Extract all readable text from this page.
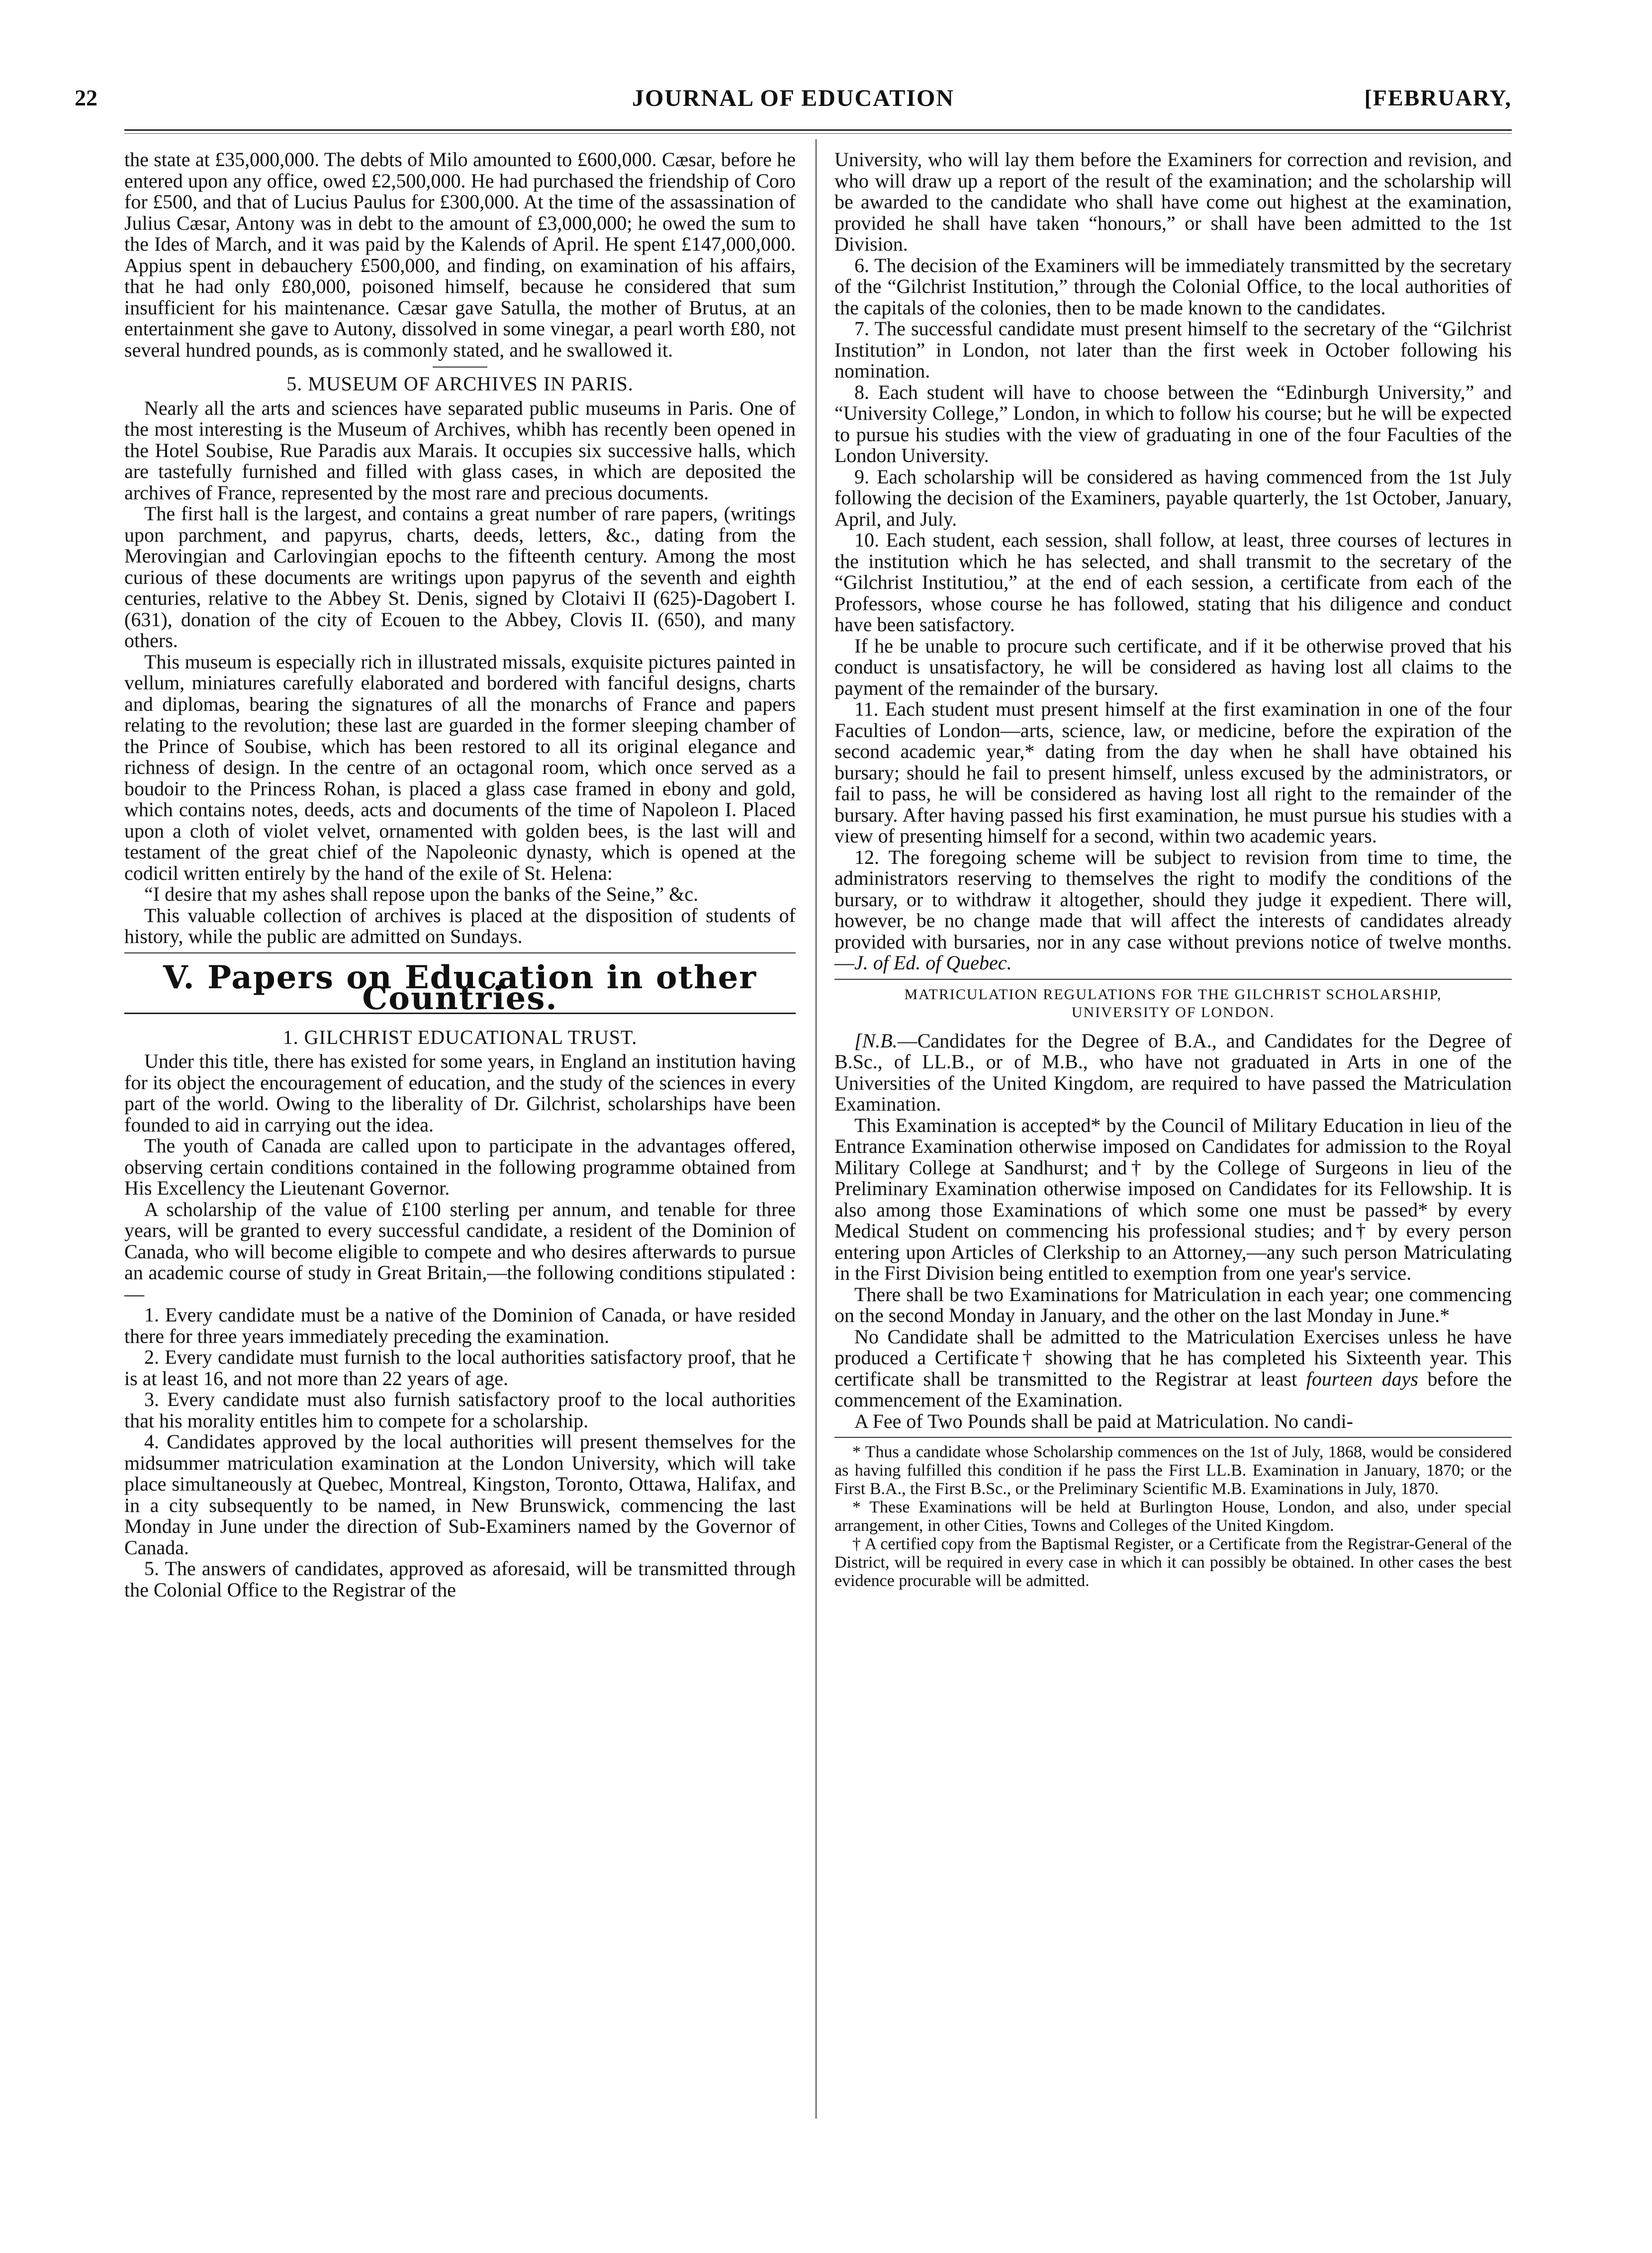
22	JOURNAL OF EDUCATION	[FEBRUARY,

the state at £35,000,000. The debts of Milo amounted to £600,000. Cæsar, before he entered upon any office, owed £2,500,000. He had purchased the friendship of Coro for £500, and that of Lucius Paulus for £300,000. At the time of the assassination of Julius Cæsar, Antony was in debt to the amount of £3,000,000; he owed the sum to the Ides of March, and it was paid by the Kalends of April. He spent £147,000,000. Appius spent in debauchery £500,000, and finding, on examination of his affairs, that he had only £80,000, poisoned himself, because he considered that sum insufficient for his maintenance. Cæsar gave Satulla, the mother of Brutus, at an entertainment she gave to Autony, dissolved in some vinegar, a pearl worth £80, not several hundred pounds, as is commonly stated, and he swallowed it.

5. MUSEUM OF ARCHIVES IN PARIS.

Nearly all the arts and sciences have separated public museums in Paris. One of the most interesting is the Museum of Archives, whibh has recently been opened in the Hotel Soubise, Rue Paradis aux Marais. It occupies six successive halls, which are tastefully furnished and filled with glass cases, in which are deposited the archives of France, represented by the most rare and precious documents.

The first hall is the largest, and contains a great number of rare papers, (writings upon parchment, and papyrus, charts, deeds, letters, &c., dating from the Merovingian and Carlovingian epochs to the fifteenth century. Among the most curious of these documents are writings upon papyrus of the seventh and eighth centuries, relative to the Abbey St. Denis, signed by Clotaivi II (625)-Dagobert I. (631), donation of the city of Ecouen to the Abbey, Clovis II. (650), and many others.

This museum is especially rich in illustrated missals, exquisite pictures painted in vellum, miniatures carefully elaborated and bordered with fanciful designs, charts and diplomas, bearing the signatures of all the monarchs of France and papers relating to the revolution; these last are guarded in the former sleeping chamber of the Prince of Soubise, which has been restored to all its original elegance and richness of design. In the centre of an octagonal room, which once served as a boudoir to the Princess Rohan, is placed a glass case framed in ebony and gold, which contains notes, deeds, acts and documents of the time of Napoleon I. Placed upon a cloth of violet velvet, ornamented with golden bees, is the last will and testament of the great chief of the Napoleonic dynasty, which is opened at the codicil written entirely by the hand of the exile of St. Helena:

“I desire that my ashes shall repose upon the banks of the Seine,” &c.

This valuable collection of archives is placed at the disposition of students of history, while the public are admitted on Sundays.

V. Papers on Education in other Countries.
1. GILCHRIST EDUCATIONAL TRUST.

Under this title, there has existed for some years, in England an institution having for its object the encouragement of education, and the study of the sciences in every part of the world. Owing to the liberality of Dr. Gilchrist, scholarships have been founded to aid in carrying out the idea.

The youth of Canada are called upon to participate in the advantages offered, observing certain conditions contained in the following programme obtained from His Excellency the Lieutenant Governor.

A scholarship of the value of £100 sterling per annum, and tenable for three years, will be granted to every successful candidate, a resident of the Dominion of Canada, who will become eligible to compete and who desires afterwards to pursue an academic course of study in Great Britain,—the following conditions stipulated :—

1. Every candidate must be a native of the Dominion of Canada, or have resided there for three years immediately preceding the examination.

2. Every candidate must furnish to the local authorities satisfactory proof, that he is at least 16, and not more than 22 years of age.

3. Every candidate must also furnish satisfactory proof to the local authorities that his morality entitles him to compete for a scholarship.

4. Candidates approved by the local authorities will present themselves for the midsummer matriculation examination at the London University, which will take place simultaneously at Quebec, Montreal, Kingston, Toronto, Ottawa, Halifax, and in a city subsequently to be named, in New Brunswick, commencing the last Monday in June under the direction of Sub-Examiners named by the Governor of Canada.

5. The answers of candidates, approved as aforesaid, will be transmitted through the Colonial Office to the Registrar of the

University, who will lay them before the Examiners for correction and revision, and who will draw up a report of the result of the examination; and the scholarship will be awarded to the candidate who shall have come out highest at the examination, provided he shall have taken “honours,” or shall have been admitted to the 1st Division.

6. The decision of the Examiners will be immediately transmitted by the secretary of the “Gilchrist Institution,” through the Colonial Office, to the local authorities of the capitals of the colonies, then to be made known to the candidates.

7. The successful candidate must present himself to the secretary of the “Gilchrist Institution” in London, not later than the first week in October following his nomination.

8. Each student will have to choose between the “Edinburgh University,” and “University College,” London, in which to follow his course; but he will be expected to pursue his studies with the view of graduating in one of the four Faculties of the London University.

9. Each scholarship will be considered as having commenced from the 1st July following the decision of the Examiners, payable quarterly, the 1st October, January, April, and July.

10. Each student, each session, shall follow, at least, three courses of lectures in the institution which he has selected, and shall transmit to the secretary of the “Gilchrist Institutiou,” at the end of each session, a certificate from each of the Professors, whose course he has followed, stating that his diligence and conduct have been satisfactory.

If he be unable to procure such certificate, and if it be otherwise proved that his conduct is unsatisfactory, he will be considered as having lost all claims to the payment of the remainder of the bursary.

11. Each student must present himself at the first examination in one of the four Faculties of London—arts, science, law, or medicine, before the expiration of the second academic year,* dating from the day when he shall have obtained his bursary; should he fail to present himself, unless excused by the administrators, or fail to pass, he will be considered as having lost all right to the remainder of the bursary. After having passed his first examination, he must pursue his studies with a view of presenting himself for a second, within two academic years.

12. The foregoing scheme will be subject to revision from time to time, the administrators reserving to themselves the right to modify the conditions of the bursary, or to withdraw it altogether, should they judge it expedient. There will, however, be no change made that will affect the interests of candidates already provided with bursaries, nor in any case without previons notice of twelve months.—J. of Ed. of Quebec.

MATRICULATION REGULATIONS FOR THE GILCHRIST SCHOLARSHIP,
UNIVERSITY OF LONDON.

[N.B.—Candidates for the Degree of B.A., and Candidates for the Degree of B.Sc., of LL.B., or of M.B., who have not graduated in Arts in one of the Universities of the United Kingdom, are required to have passed the Matriculation Examination.

This Examination is accepted* by the Council of Military Education in lieu of the Entrance Examination otherwise imposed on Candidates for admission to the Royal Military College at Sandhurst; and† by the College of Surgeons in lieu of the Preliminary Examination otherwise imposed on Candidates for its Fellowship. It is also among those Examinations of which some one must be passed* by every Medical Student on commencing his professional studies; and† by every person entering upon Articles of Clerkship to an Attorney,—any such person Matriculating in the First Division being entitled to exemption from one year's service.

There shall be two Examinations for Matriculation in each year; one commencing on the second Monday in January, and the other on the last Monday in June.*

No Candidate shall be admitted to the Matriculation Exercises unless he have produced a Certificate† showing that he has completed his Sixteenth year. This certificate shall be transmitted to the Registrar at least fourteen days before the commencement of the Examination.

A Fee of Two Pounds shall be paid at Matriculation. No candi-

* Thus a candidate whose Scholarship commences on the 1st of July, 1868, would be considered as having fulfilled this condition if he pass the First LL.B. Examination in January, 1870; or the First B.A., the First B.Sc., or the Preliminary Scientific M.B. Examinations in July, 1870.

* These Examinations will be held at Burlington House, London, and also, under special arrangement, in other Cities, Towns and Colleges of the United Kingdom.

† A certified copy from the Baptismal Register, or a Certificate from the Registrar-General of the District, will be required in every case in which it can possibly be obtained. In other cases the best evidence procurable will be admitted.
